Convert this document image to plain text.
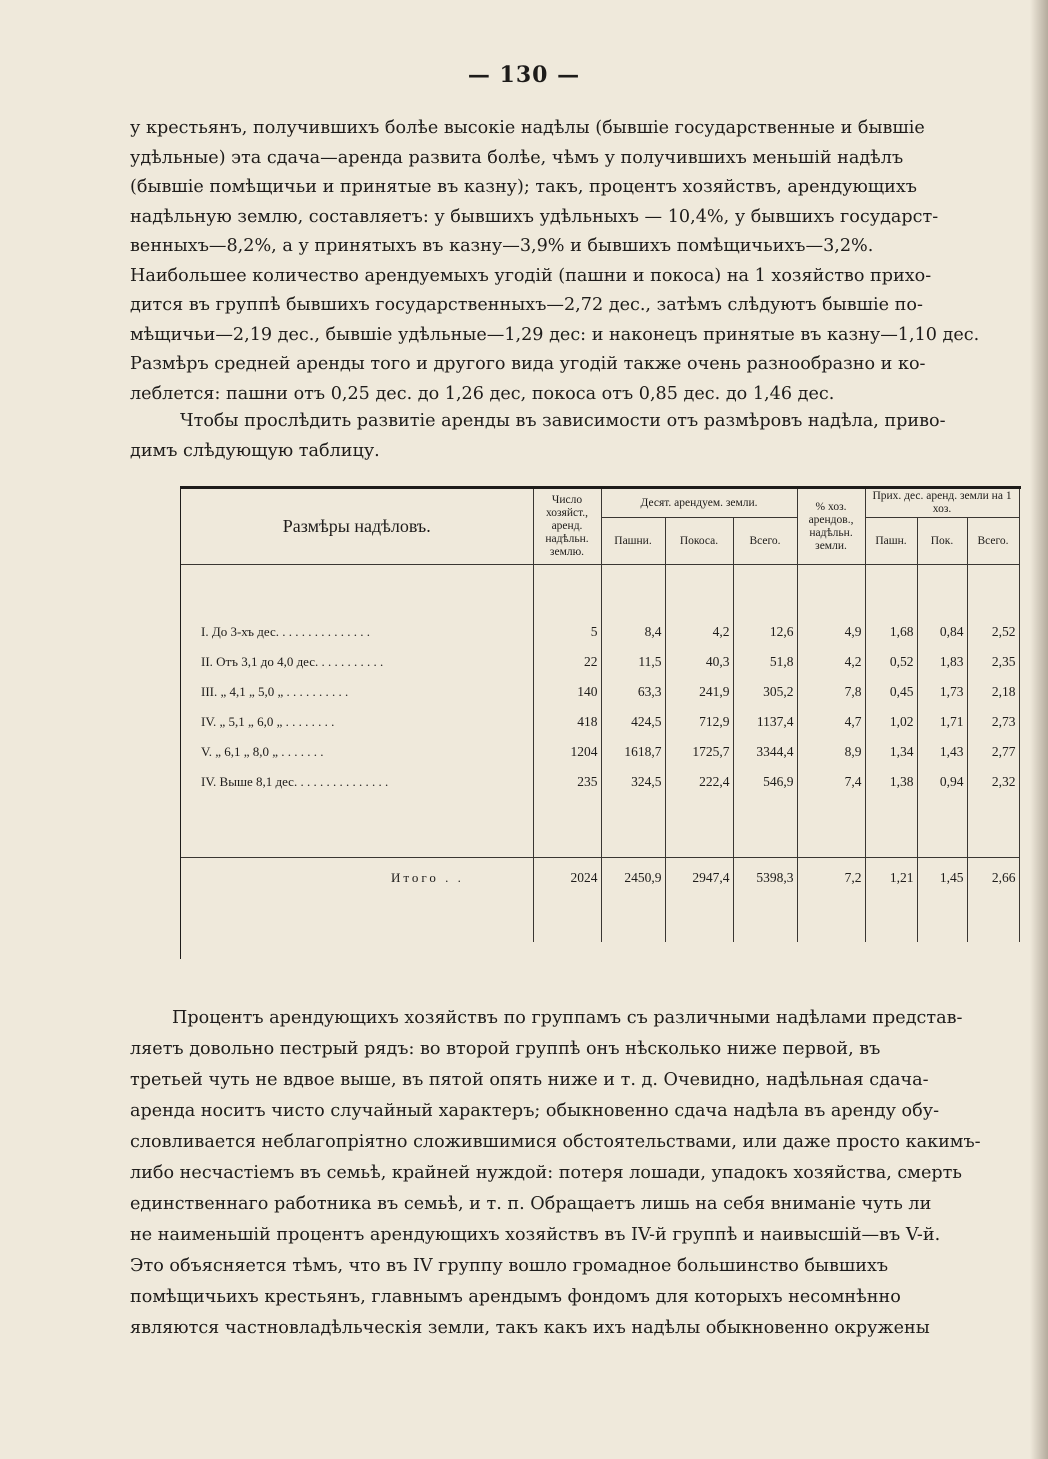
— 130 —
у крестьянъ, получившихъ болѣе высокіе надѣлы (бывшіе государственные и бывшіе
удѣльные) эта сдача—аренда развита болѣе, чѣмъ у получившихъ меньшій надѣлъ
(бывшіе помѣщичьи и принятые въ казну); такъ, процентъ хозяйствъ, арендующихъ
надѣльную землю, составляетъ: у бывшихъ удѣльныхъ — 10,4%, у бывшихъ государст-
венныхъ—8,2%, а у принятыхъ въ казну—3,9% и бывшихъ помѣщичьихъ—3,2%.
Наибольшее количество арендуемыхъ угодій (пашни и покоса) на 1 хозяйство прихо-
дится въ группѣ бывшихъ государственныхъ—2,72 дес., затѣмъ слѣдуютъ бывшіе по-
мѣщичьи—2,19 дес., бывшіе удѣльные—1,29 дес: и наконецъ принятые въ казну—1,10 дес.
Размѣръ средней аренды того и другого вида угодій также очень разнообразно и ко-
леблется: пашни отъ 0,25 дес. до 1,26 дес, покоса отъ 0,85 дес. до 1,46 дес.
Чтобы прослѣдить развитіе аренды въ зависимости отъ размѣровъ надѣла, приво-
димъ слѣдующую таблицу.
Размѣры надѣловъ.	Число хозяйст., аренд. надѣльн. землю.	Десят. арендуем. земли.			% хоз. арендов., надѣльн. земли.	Прих. дес. аренд. земли на 1 хоз.		
		Пашни.	Покоса.	Всего.		Пашн.	Пок.	Всего.

I. До 3-хъ дес. . . . . . . . . . . . . . .	5	8,4	4,2	12,6	4,9	1,68	0,84	2,52
II. Отъ 3,1 до 4,0 дес. . . . . . . . . . .	22	11,5	40,3	51,8	4,2	0,52	1,83	2,35
III. „ 4,1 „ 5,0 „ . . . . . . . . . .	140	63,3	241,9	305,2	7,8	0,45	1,73	2,18
IV. „ 5,1 „ 6,0 „ . . . . . . . .	418	424,5	712,9	1137,4	4,7	1,02	1,71	2,73
V. „ 6,1 „ 8,0 „ . . . . . . .	1204	1618,7	1725,7	3344,4	8,9	1,34	1,43	2,77
IV. Выше 8,1 дес. . . . . . . . . . . . . . .	235	324,5	222,4	546,9	7,4	1,38	0,94	2,32

Итого . .	2024	2450,9	2947,4	5398,3	7,2	1,21	1,45	2,66

Процентъ арендующихъ хозяйствъ по группамъ съ различными надѣлами представ-
ляетъ довольно пестрый рядъ: во второй группѣ онъ нѣсколько ниже первой, въ
третьей чуть не вдвое выше, въ пятой опять ниже и т. д. Очевидно, надѣльная сдача-
аренда носитъ чисто случайный характеръ; обыкновенно сдача надѣла въ аренду обу-
словливается неблагопріятно сложившимися обстоятельствами, или даже просто какимъ-
либо несчастіемъ въ семьѣ, крайней нуждой: потеря лошади, упадокъ хозяйства, смерть
единственнаго работника въ семьѣ, и т. п. Обращаетъ лишь на себя вниманіе чуть ли
не наименьшій процентъ арендующихъ хозяйствъ въ IV-й группѣ и наивысшій—въ V-й.
Это объясняется тѣмъ, что въ IV группу вошло громадное большинство бывшихъ
помѣщичьихъ крестьянъ, главнымъ арендымъ фондомъ для которыхъ несомнѣнно
являются частновладѣльческія земли, такъ какъ ихъ надѣлы обыкновенно окружены
